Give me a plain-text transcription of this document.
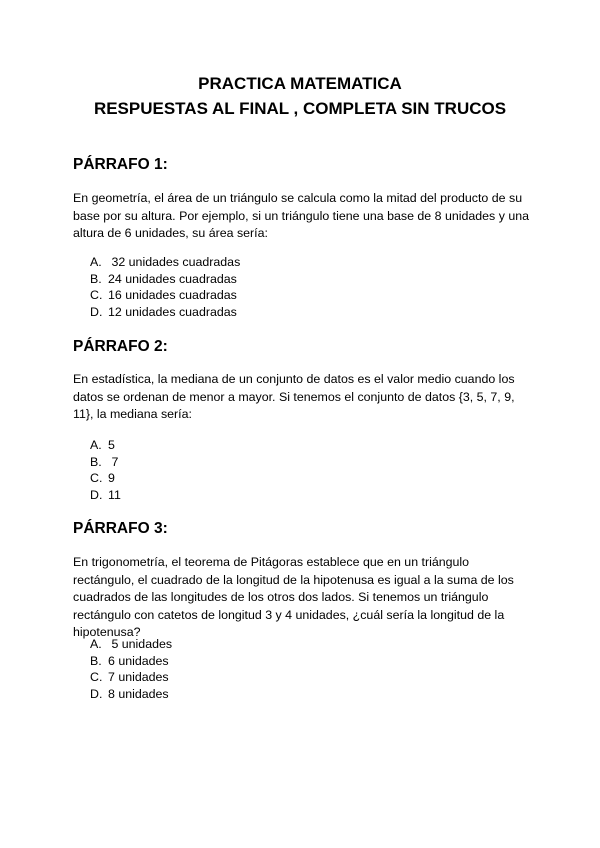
PRACTICA MATEMATICA
RESPUESTAS AL FINAL , COMPLETA SIN TRUCOS
PÁRRAFO 1:

En geometría, el área de un triángulo se calcula como la mitad del producto de su base por su altura. Por ejemplo, si un triángulo tiene una base de 8 unidades y una altura de 6 unidades, su área sería:

A. 32 unidades cuadradas
B. 24 unidades cuadradas
C. 16 unidades cuadradas
D. 12 unidades cuadradas
PÁRRAFO 2:

En estadística, la mediana de un conjunto de datos es el valor medio cuando los datos se ordenan de menor a mayor. Si tenemos el conjunto de datos {3, 5, 7, 9, 11}, la mediana sería:

A. 5
B. 7
C. 9
D. 11
PÁRRAFO 3:

En trigonometría, el teorema de Pitágoras establece que en un triángulo rectángulo, el cuadrado de la longitud de la hipotenusa es igual a la suma de los cuadrados de las longitudes de los otros dos lados. Si tenemos un triángulo rectángulo con catetos de longitud 3 y 4 unidades, ¿cuál sería la longitud de la hipotenusa?

A. 5 unidades
B. 6 unidades
C. 7 unidades
D. 8 unidades
